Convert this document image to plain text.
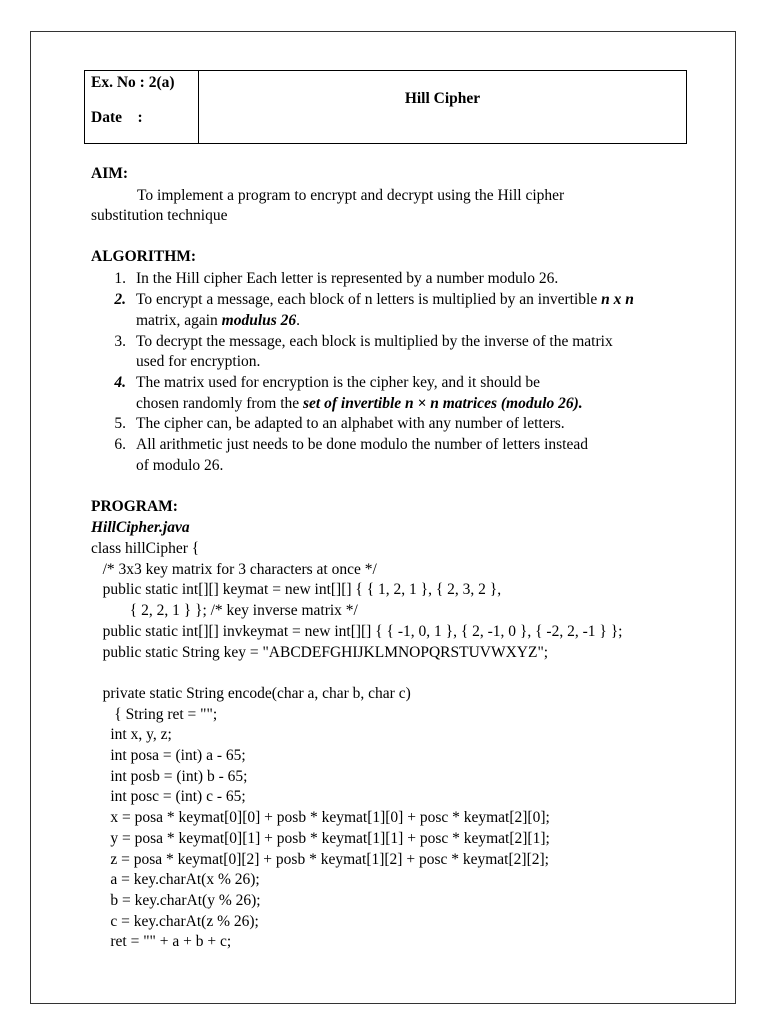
Ex. No : 2(a)
Date    :
Hill Cipher
AIM:
To implement a program to encrypt and decrypt using the Hill cipher
substitution technique
ALGORITHM:
1. In the Hill cipher Each letter is represented by a number modulo 26.
2. To encrypt a message, each block of n letters is multiplied by an invertible n x n
matrix, again modulus 26.
3. To decrypt the message, each block is multiplied by the inverse of the matrix
used for encryption.
4. The matrix used for encryption is the cipher key, and it should be
chosen randomly from the set of invertible n × n matrices (modulo 26).
5. The cipher can, be adapted to an alphabet with any number of letters.
6. All arithmetic just needs to be done modulo the number of letters instead
of modulo 26.
PROGRAM:
HillCipher.java
class hillCipher {
/* 3x3 key matrix for 3 characters at once */
public static int[][] keymat = new int[][] { { 1, 2, 1 }, { 2, 3, 2 },
{ 2, 2, 1 } }; /* key inverse matrix */
public static int[][] invkeymat = new int[][] { { -1, 0, 1 }, { 2, -1, 0 }, { -2, 2, -1 } };
public static String key = "ABCDEFGHIJKLMNOPQRSTUVWXYZ";
private static String encode(char a, char b, char c)
{ String ret = "";
int x, y, z;
int posa = (int) a - 65;
int posb = (int) b - 65;
int posc = (int) c - 65;
x = posa * keymat[0][0] + posb * keymat[1][0] + posc * keymat[2][0];
y = posa * keymat[0][1] + posb * keymat[1][1] + posc * keymat[2][1];
z = posa * keymat[0][2] + posb * keymat[1][2] + posc * keymat[2][2];
a = key.charAt(x % 26);
b = key.charAt(y % 26);
c = key.charAt(z % 26);
ret = "" + a + b + c;
